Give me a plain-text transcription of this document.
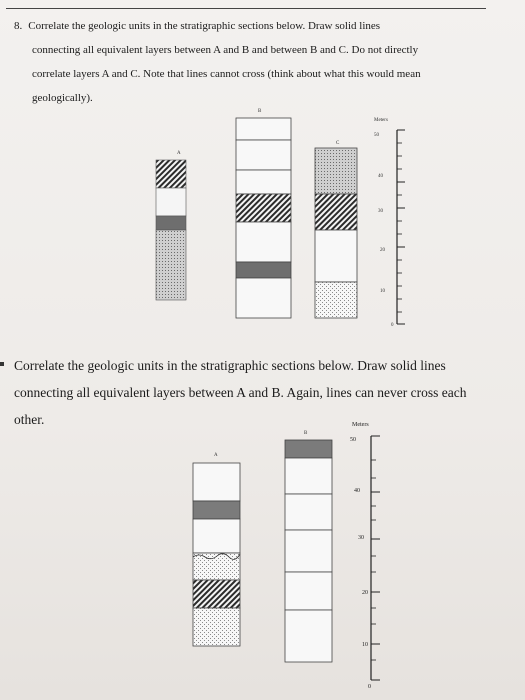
8. Correlate the geologic units in the stratigraphic sections below. Draw solid lines
connecting all equivalent layers between A and B and between B and C. Do not directly
correlate layers A and C. Note that lines cannot cross (think about what this would mean
geologically).
Correlate the geologic units in the stratigraphic sections below. Draw solid lines
connecting all equivalent layers between A and B. Again, lines can never cross each
other.
A
B
C
Meters
50
40
30
20
10
0
A
B
Meters
50
40
30
20
10
0
